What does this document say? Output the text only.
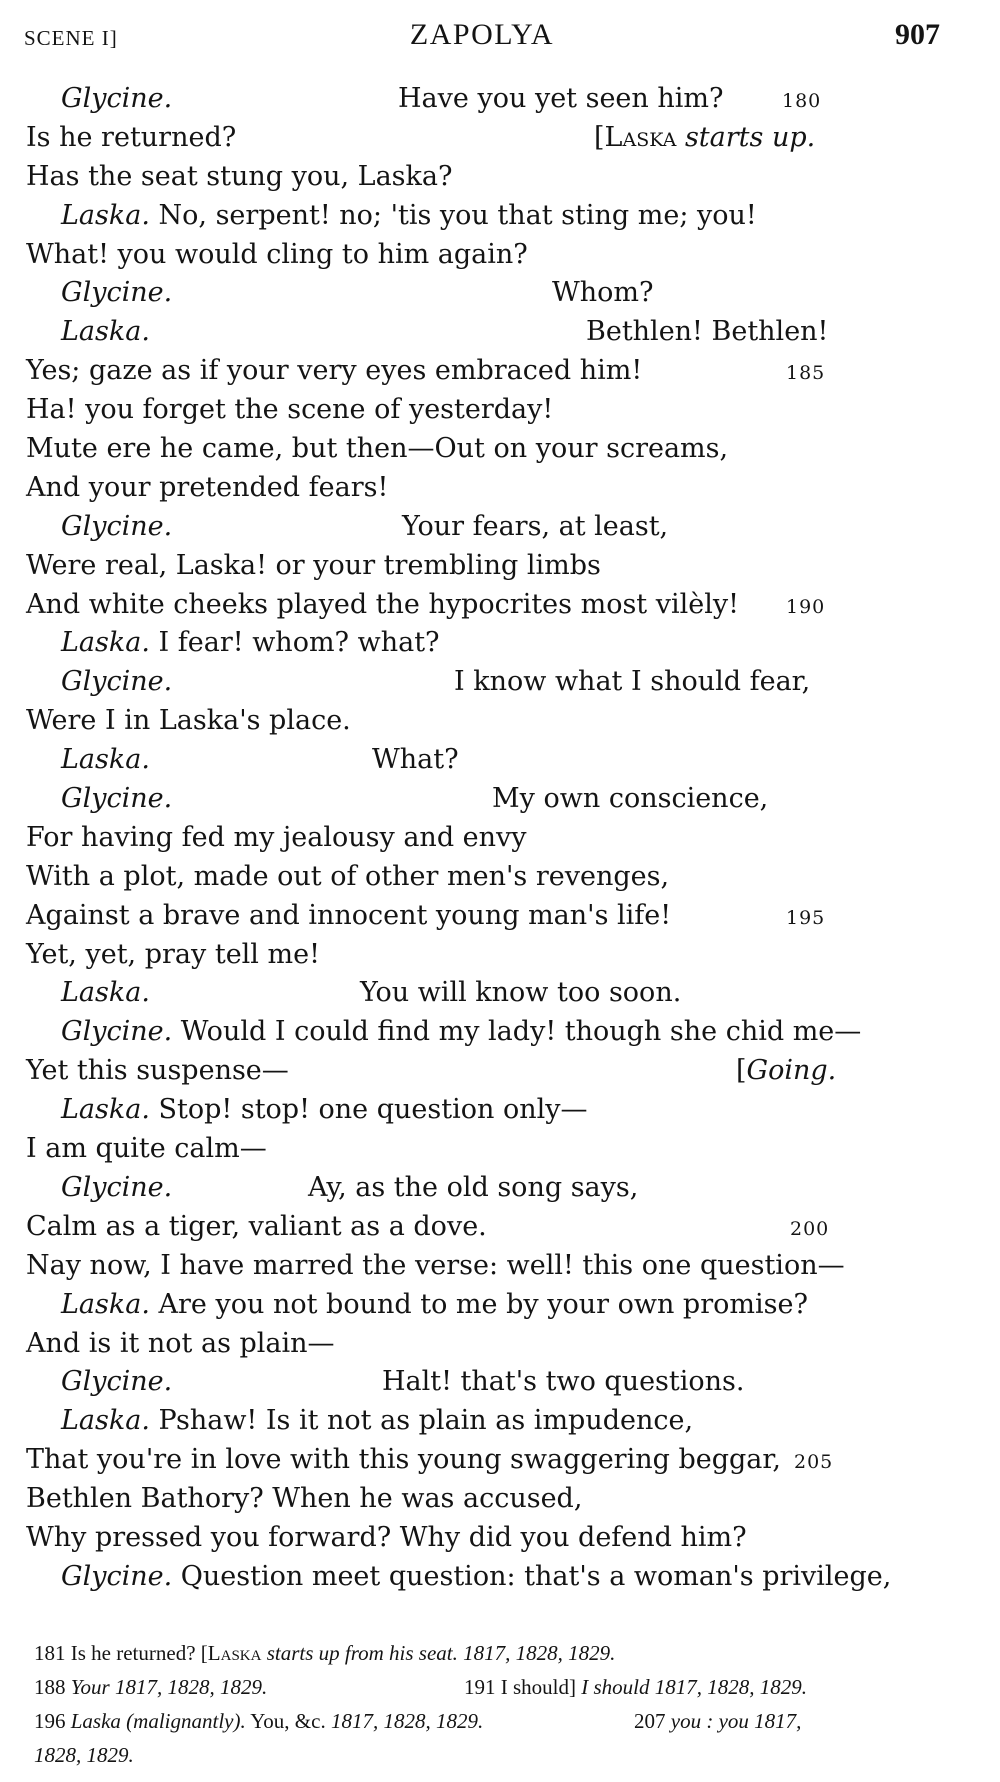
SCENE I]	ZAPOLYA	907
Glycine.	Have you yet seen him?	180
Is he returned?	[Laska starts up.
Has the seat stung you, Laska?
Laska. No, serpent! no; 'tis you that sting me; you!
What! you would cling to him again?
Glycine.	Whom?
Laska.	Bethlen! Bethlen!
Yes; gaze as if your very eyes embraced him!	185
Ha! you forget the scene of yesterday!
Mute ere he came, but then—Out on your screams,
And your pretended fears!
Glycine.	Your fears, at least,
Were real, Laska! or your trembling limbs
And white cheeks played the hypocrites most vilèly! 190
Laska. I fear! whom? what?
Glycine.	I know what I should fear,
Were I in Laska's place.
Laska.	What?
Glycine.	My own conscience,
For having fed my jealousy and envy
With a plot, made out of other men's revenges,
Against a brave and innocent young man's life!	195
Yet, yet, pray tell me!
Laska.	You will know too soon.
Glycine. Would I could find my lady! though she chid me—
Yet this suspense—	[Going.
Laska. Stop! stop! one question only—
I am quite calm—
Glycine.	Ay, as the old song says,
Calm as a tiger, valiant as a dove.	200
Nay now, I have marred the verse: well! this one question—
Laska. Are you not bound to me by your own promise?
And is it not as plain—
Glycine.	Halt! that's two questions.
Laska. Pshaw! Is it not as plain as impudence,
That you're in love with this young swaggering beggar, 205
Bethlen Bathory? When he was accused,
Why pressed you forward? Why did you defend him?
Glycine. Question meet question: that's a woman's privilege,
181 Is he returned? [Laska starts up from his seat. 1817, 1828, 1829.
188 Your 1817, 1828, 1829.	191 I should] I should 1817, 1828, 1829.
196 Laska (malignantly). You, &c. 1817, 1828, 1829.	207 you : you 1817,
1828, 1829.
